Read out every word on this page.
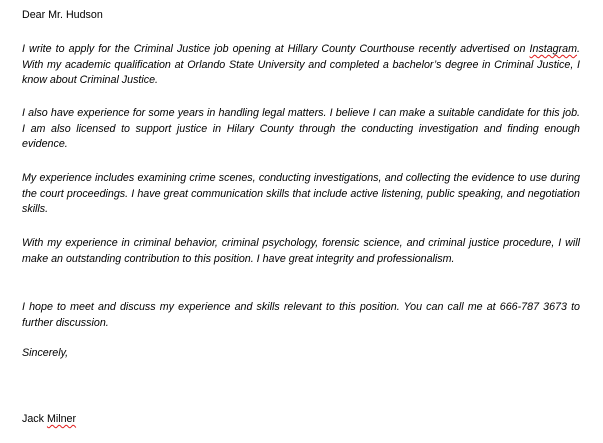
Dear Mr. Hudson

I write to apply for the Criminal Justice job opening at Hillary County Courthouse recently advertised on Instagram. With my academic qualification at Orlando State University and completed a bachelor’s degree in Criminal Justice, I know about Criminal Justice.

I also have experience for some years in handling legal matters. I believe I can make a suitable candidate for this job. I am also licensed to support justice in Hilary County through the conducting investigation and finding enough evidence.

My experience includes examining crime scenes, conducting investigations, and collecting the evidence to use during the court proceedings. I have great communication skills that include active listening, public speaking, and negotiation skills.

With my experience in criminal behavior, criminal psychology, forensic science, and criminal justice procedure, I will make an outstanding contribution to this position. I have great integrity and professionalism.

I hope to meet and discuss my experience and skills relevant to this position. You can call me at 666-787 3673 to further discussion.

Sincerely,
Jack Milner
